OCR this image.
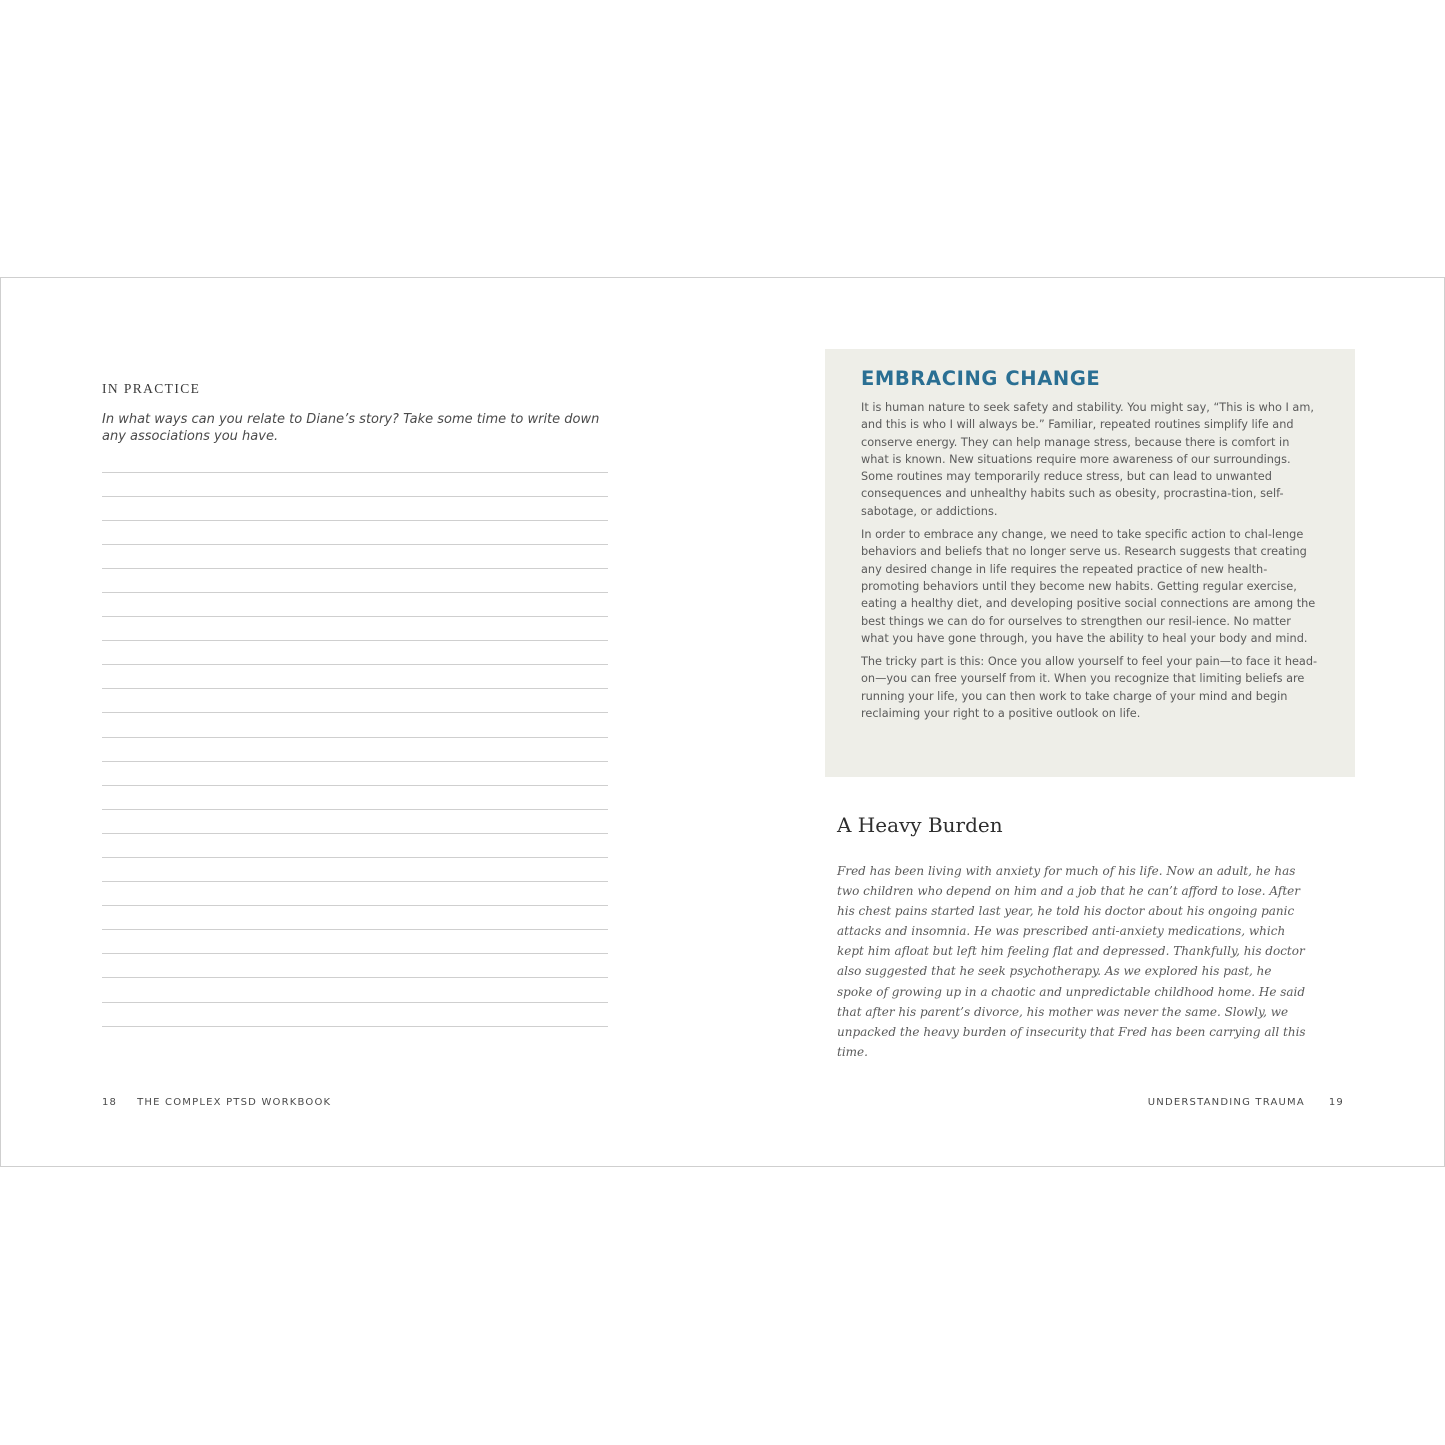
IN PRACTICE
In what ways can you relate to Diane’s story? Take some time to write down any associations you have.
18 THE COMPLEX PTSD WORKBOOK
EMBRACING CHANGE

It is human nature to seek safety and stability. You might say, “This is who I am, and this is who I will always be.” Familiar, repeated routines simplify life and conserve energy. They can help manage stress, because there is comfort in what is known. New situations require more awareness of our surroundings. Some routines may temporarily reduce stress, but can lead to unwanted consequences and unhealthy habits such as obesity, procrastina-tion, self-sabotage, or addictions.

In order to embrace any change, we need to take specific action to chal-lenge behaviors and beliefs that no longer serve us. Research suggests that creating any desired change in life requires the repeated practice of new health-promoting behaviors until they become new habits. Getting regular exercise, eating a healthy diet, and developing positive social connections are among the best things we can do for ourselves to strengthen our resil-ience. No matter what you have gone through, you have the ability to heal your body and mind.

The tricky part is this: Once you allow yourself to feel your pain—to face it head-on—you can free yourself from it. When you recognize that limiting beliefs are running your life, you can then work to take charge of your mind and begin reclaiming your right to a positive outlook on life.

A Heavy Burden

Fred has been living with anxiety for much of his life. Now an adult, he has two children who depend on him and a job that he can’t afford to lose. After his chest pains started last year, he told his doctor about his ongoing panic attacks and insomnia. He was prescribed anti-anxiety medications, which kept him afloat but left him feeling flat and depressed. Thankfully, his doctor also suggested that he seek psychotherapy. As we explored his past, he spoke of growing up in a chaotic and unpredictable childhood home. He said that after his parent’s divorce, his mother was never the same. Slowly, we unpacked the heavy burden of insecurity that Fred has been carrying all this time.

UNDERSTANDING TRAUMA 19
